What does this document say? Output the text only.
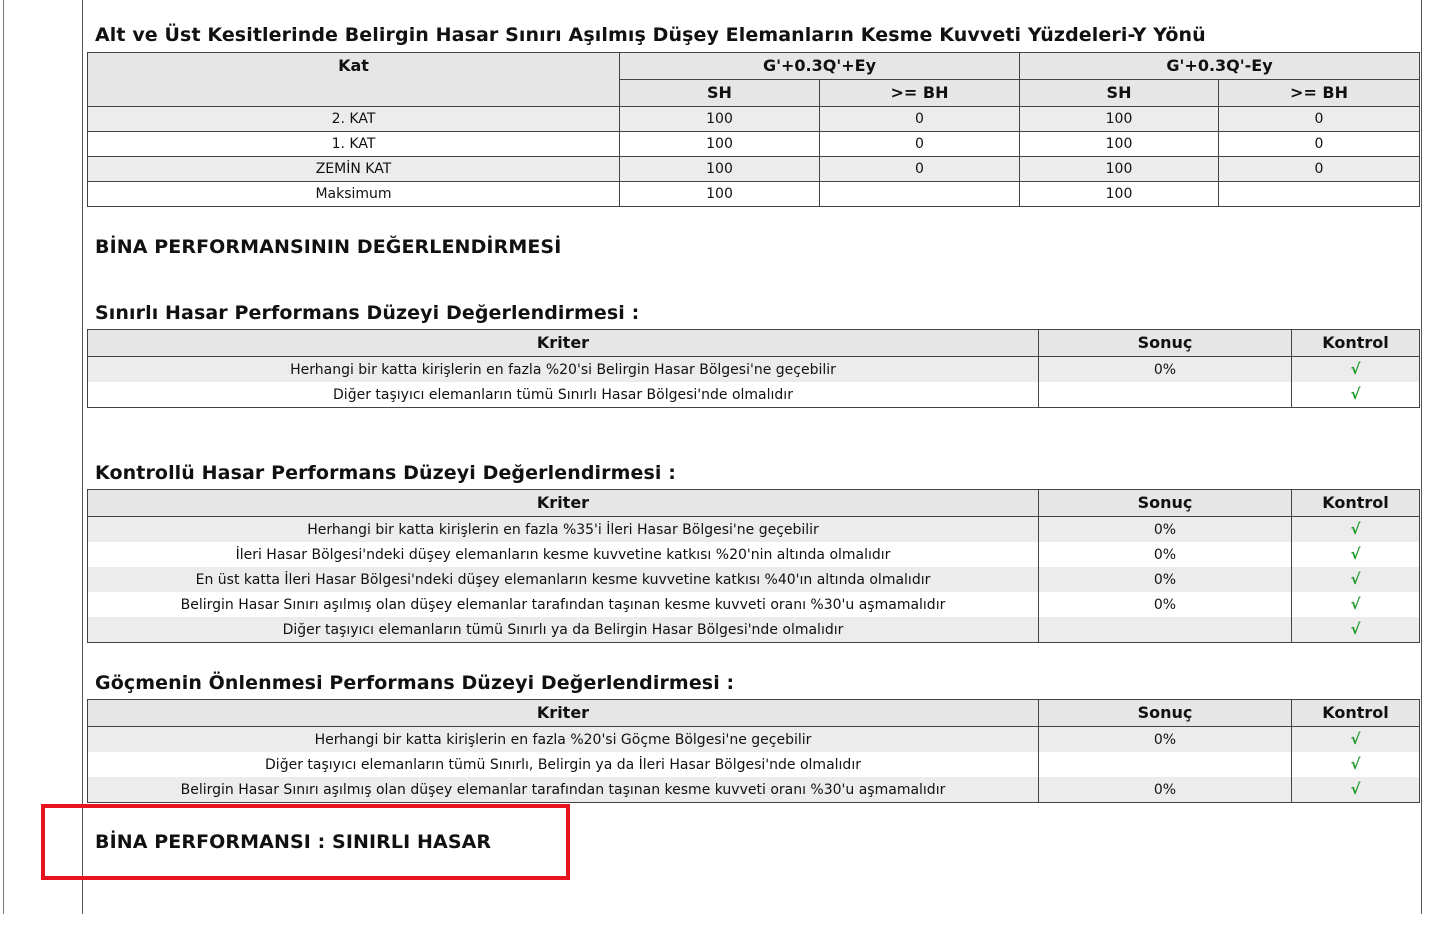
Alt ve Üst Kesitlerinde Belirgin Hasar Sınırı Aşılmış Düşey Elemanların Kesme Kuvveti Yüzdeleri-Y Yönü
Kat	G'+0.3Q'+Ey		G'+0.3Q'-Ey	
	SH	>= BH	SH	>= BH
2. KAT	100	0	100	0
1. KAT	100	0	100	0
ZEMİN KAT	100	0	100	0
Maksimum	100		100	
BİNA PERFORMANSININ DEĞERLENDİRMESİ
Sınırlı Hasar Performans Düzeyi Değerlendirmesi :
Kriter	Sonuç	Kontrol
Herhangi bir katta kirişlerin en fazla %20'si Belirgin Hasar Bölgesi'ne geçebilir	0%	√
Diğer taşıyıcı elemanların tümü Sınırlı Hasar Bölgesi'nde olmalıdır		√
Kontrollü Hasar Performans Düzeyi Değerlendirmesi :
Kriter	Sonuç	Kontrol
Herhangi bir katta kirişlerin en fazla %35'i İleri Hasar Bölgesi'ne geçebilir	0%	√
İleri Hasar Bölgesi'ndeki düşey elemanların kesme kuvvetine katkısı %20'nin altında olmalıdır	0%	√
En üst katta İleri Hasar Bölgesi'ndeki düşey elemanların kesme kuvvetine katkısı %40'ın altında olmalıdır	0%	√
Belirgin Hasar Sınırı aşılmış olan düşey elemanlar tarafından taşınan kesme kuvveti oranı %30'u aşmamalıdır	0%	√
Diğer taşıyıcı elemanların tümü Sınırlı ya da Belirgin Hasar Bölgesi'nde olmalıdır		√
Göçmenin Önlenmesi Performans Düzeyi Değerlendirmesi :
Kriter	Sonuç	Kontrol
Herhangi bir katta kirişlerin en fazla %20'si Göçme Bölgesi'ne geçebilir	0%	√
Diğer taşıyıcı elemanların tümü Sınırlı, Belirgin ya da İleri Hasar Bölgesi'nde olmalıdır		√
Belirgin Hasar Sınırı aşılmış olan düşey elemanlar tarafından taşınan kesme kuvveti oranı %30'u aşmamalıdır	0%	√
BİNA PERFORMANSI : SINIRLI HASAR
